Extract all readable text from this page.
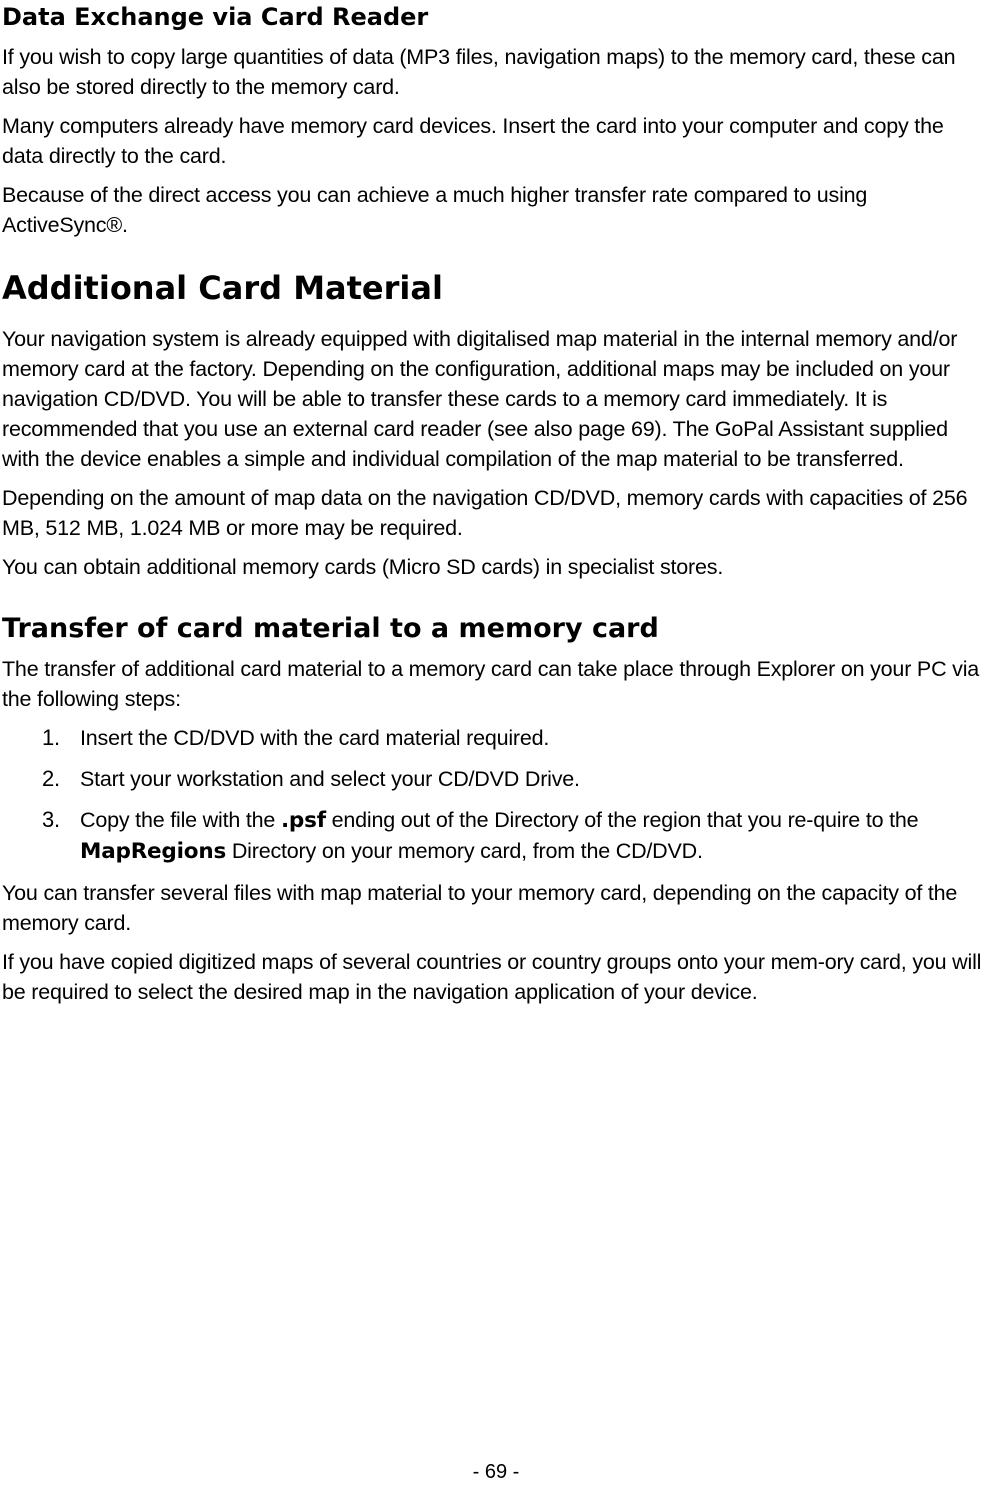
Data Exchange via Card Reader

If you wish to copy large quantities of data (MP3 files, navigation maps) to the memory card, these can also be stored directly to the memory card.

Many computers already have memory card devices. Insert the card into your computer and copy the data directly to the card.

Because of the direct access you can achieve a much higher transfer rate compared to using ActiveSync®.

Additional Card Material

Your navigation system is already equipped with digitalised map material in the internal memory and/or memory card at the factory. Depending on the configuration, additional maps may be included on your navigation CD/DVD. You will be able to transfer these cards to a memory card immediately. It is recommended that you use an external card reader (see also page 69). The GoPal Assistant supplied with the device enables a simple and individual compilation of the map material to be transferred.

Depending on the amount of map data on the navigation CD/DVD, memory cards with capacities of 256 MB, 512 MB, 1.024 MB or more may be required.

You can obtain additional memory cards (Micro SD cards) in specialist stores.

Transfer of card material to a memory card

The transfer of additional card material to a memory card can take place through Explorer on your PC via the following steps:

1. Insert the CD/DVD with the card material required.
2. Start your workstation and select your CD/DVD Drive.
3. Copy the file with the .psf ending out of the Directory of the region that you re-quire to the MapRegions Directory on your memory card, from the CD/DVD.

You can transfer several files with map material to your memory card, depending on the capacity of the memory card.

If you have copied digitized maps of several countries or country groups onto your mem-ory card, you will be required to select the desired map in the navigation application of your device.

- 69 -
